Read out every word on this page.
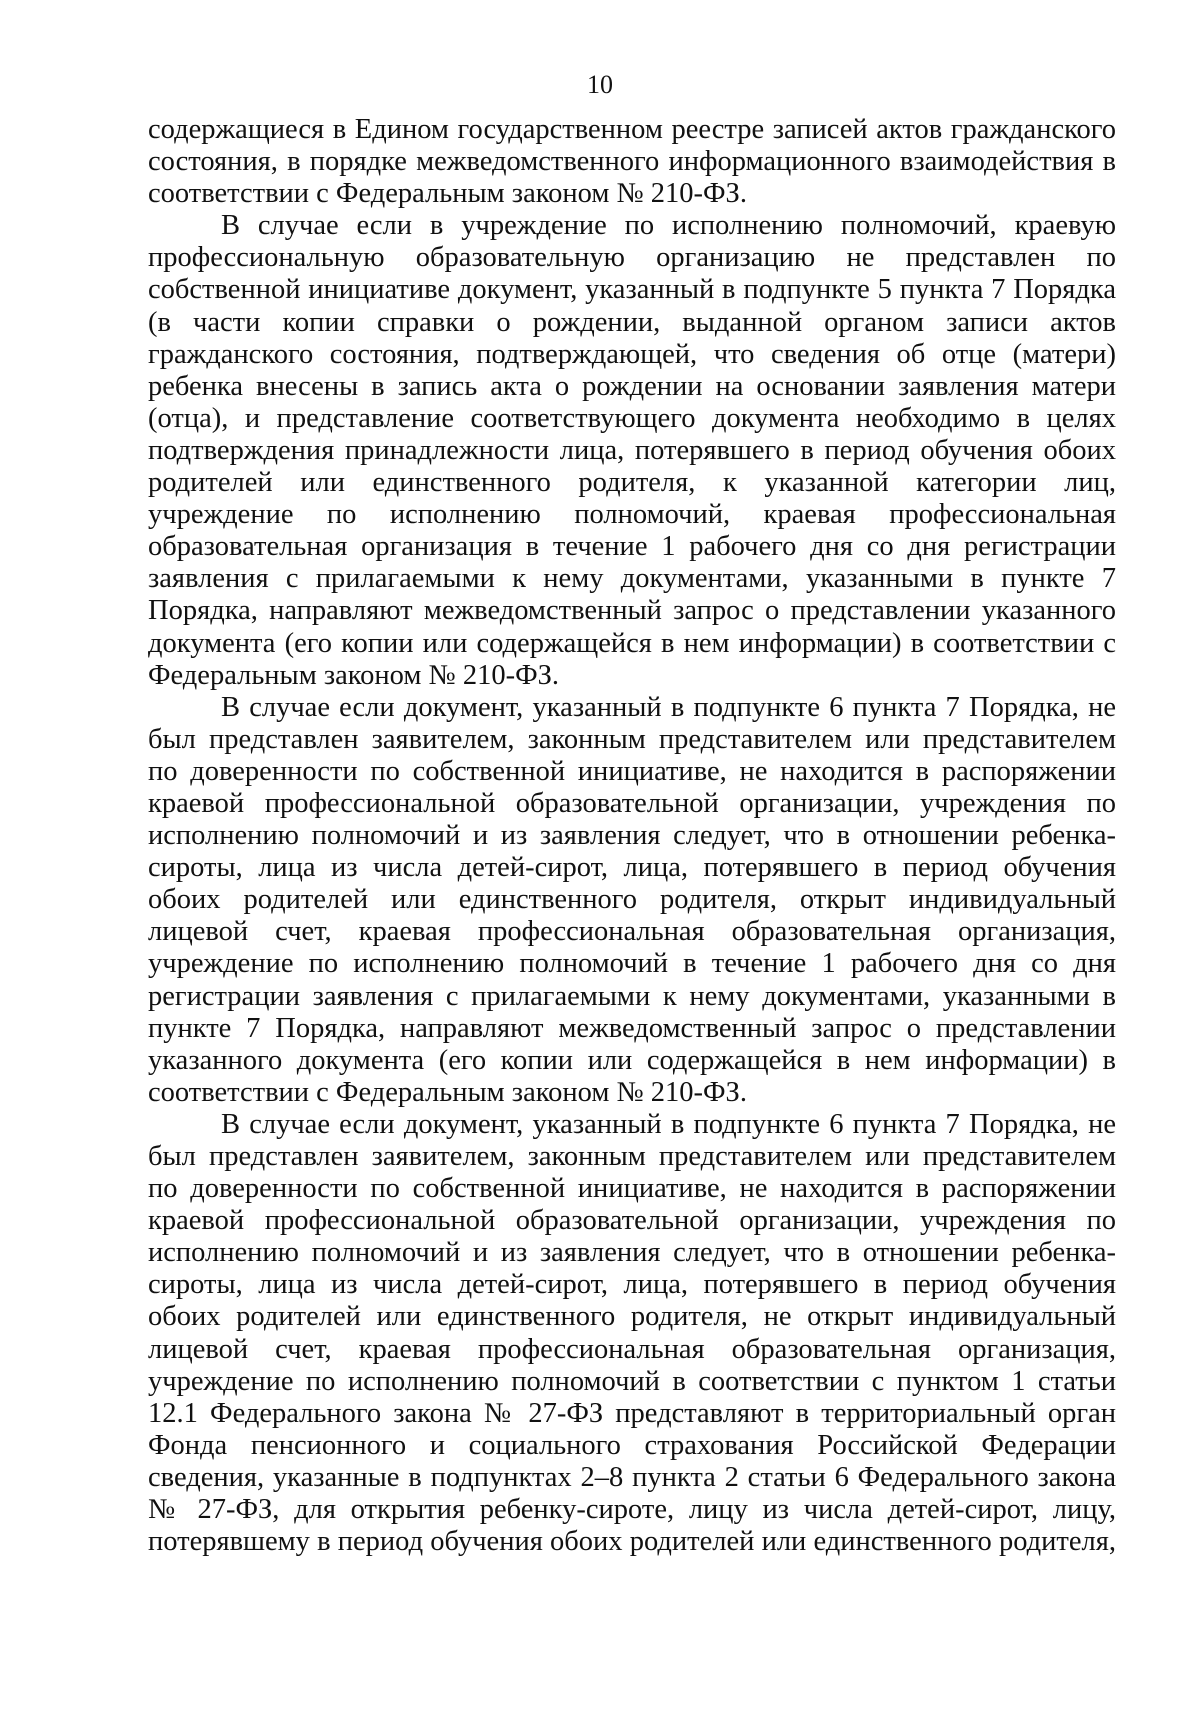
10

содержащиеся в Едином государственном реестре записей актов гражданского состояния, в порядке межведомственного информационного взаимодействия в соответствии с Федеральным законом № 210-ФЗ.

В случае если в учреждение по исполнению полномочий, краевую профессиональную образовательную организацию не представлен по собственной инициативе документ, указанный в подпункте 5 пункта 7 Порядка (в части копии справки о рождении, выданной органом записи актов гражданского состояния, подтверждающей, что сведения об отце (матери) ребенка внесены в запись акта о рождении на основании заявления матери (отца), и представление соответствующего документа необходимо в целях подтверждения принадлежности лица, потерявшего в период обучения обоих родителей или единственного родителя, к указанной категории лиц, учреждение по исполнению полномочий, краевая профессиональная образовательная организация в течение 1 рабочего дня со дня регистрации заявления с прилагаемыми к нему документами, указанными в пункте 7 Порядка, направляют межведомственный запрос о представлении указанного документа (его копии или содержащейся в нем информации) в соответствии с Федеральным законом № 210-ФЗ.

В случае если документ, указанный в подпункте 6 пункта 7 Порядка, не был представлен заявителем, законным представителем или представителем по доверенности по собственной инициативе, не находится в распоряжении краевой профессиональной образовательной организации, учреждения по исполнению полномочий и из заявления следует, что в отношении ребенка-сироты, лица из числа детей-сирот, лица, потерявшего в период обучения обоих родителей или единственного родителя, открыт индивидуальный лицевой счет, краевая профессиональная образовательная организация, учреждение по исполнению полномочий в течение 1 рабочего дня со дня регистрации заявления с прилагаемыми к нему документами, указанными в пункте 7 Порядка, направляют межведомственный запрос о представлении указанного документа (его копии или содержащейся в нем информации) в соответствии с Федеральным законом № 210-ФЗ.

В случае если документ, указанный в подпункте 6 пункта 7 Порядка, не был представлен заявителем, законным представителем или представителем по доверенности по собственной инициативе, не находится в распоряжении краевой профессиональной образовательной организации, учреждения по исполнению полномочий и из заявления следует, что в отношении ребенка-сироты, лица из числа детей-сирот, лица, потерявшего в период обучения обоих родителей или единственного родителя, не открыт индивидуальный лицевой счет, краевая профессиональная образовательная организация, учреждение по исполнению полномочий в соответствии с пунктом 1 статьи 12.1 Федерального закона № 27-ФЗ представляют в территориальный орган Фонда пенсионного и социального страхования Российской Федерации сведения, указанные в подпунктах 2–8 пункта 2 статьи 6 Федерального закона № 27-ФЗ, для открытия ребенку-сироте, лицу из числа детей-сирот, лицу, потерявшему в период обучения обоих родителей или единственного родителя,
